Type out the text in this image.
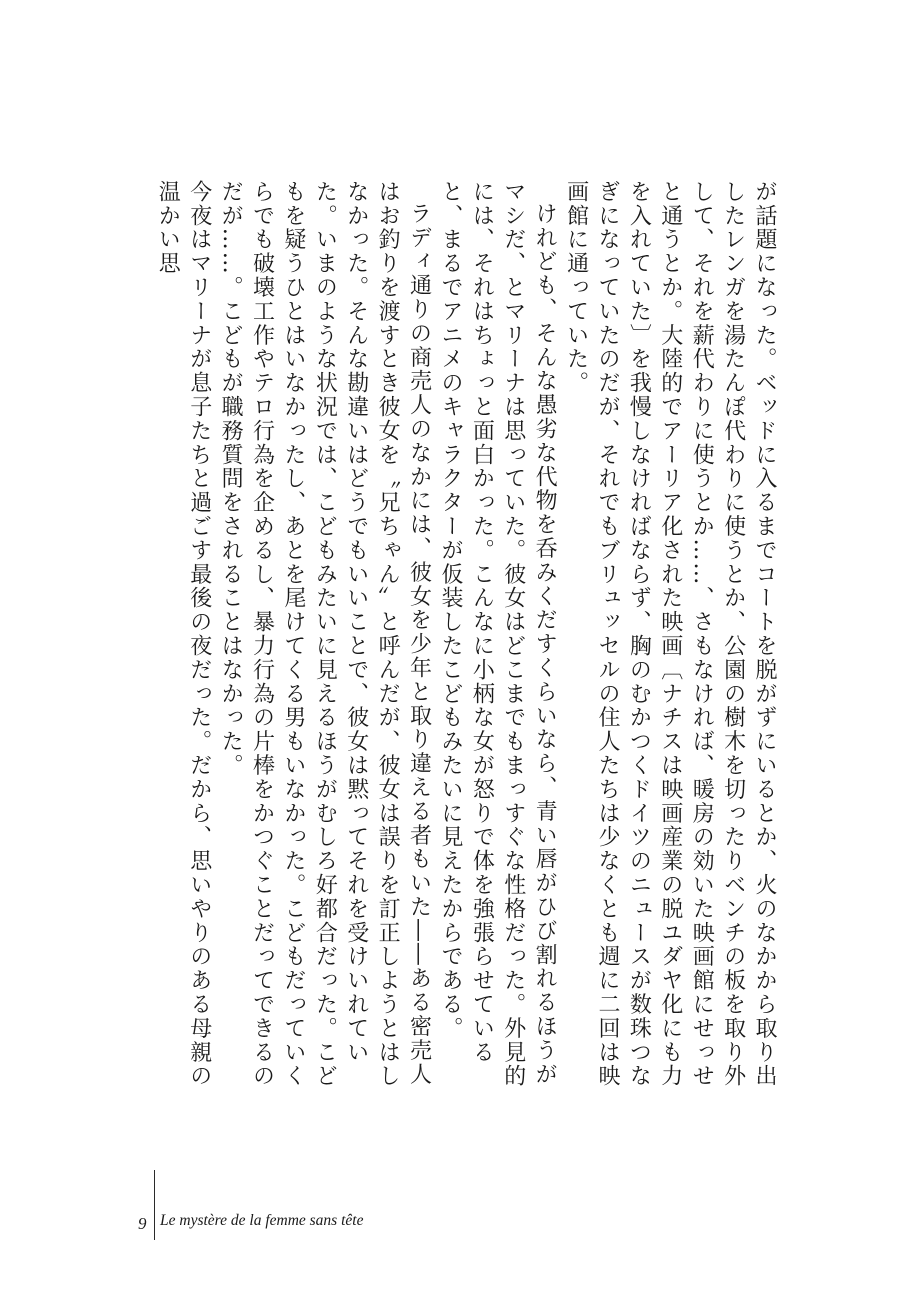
が話題になった。ベッドに入るまでコートを脱がずにいるとか、火のなかから取り出したレンガを湯たんぽ代わりに使うとか、公園の樹木を切ったりベンチの板を取り外して、それを薪代わりに使うとか……、さもなければ、暖房の効いた映画館にせっせと通うとか。大陸的でアーリア化された映画〔ナチスは映画産業の脱ユダヤ化にも力を入れていた〕を我慢しなければならず、胸のむかつくドイツのニュースが数珠つなぎになっていたのだが、それでもブリュッセルの住人たちは少なくとも週に二回は映画館に通っていた。

けれども、そんな愚劣な代物を呑みくだすくらいなら、青い唇がひび割れるほうがマシだ、とマリーナは思っていた。彼女はどこまでもまっすぐな性格だった。外見的には、それはちょっと面白かった。こんなに小柄な女が怒りで体を強張らせていると、まるでアニメのキャラクターが仮装したこどもみたいに見えたからである。

ラディ通りの商売人のなかには、彼女を少年と取り違える者もいた――ある密売人はお釣りを渡すとき彼女を〝兄ちゃん〟と呼んだが、彼女は誤りを訂正しようとはしなかった。そんな勘違いはどうでもいいことで、彼女は黙ってそれを受けいれていた。いまのような状況では、こどもみたいに見えるほうがむしろ好都合だった。こどもを疑うひとはいなかったし、あとを尾けてくる男もいなかった。こどもだっていくらでも破壊工作やテロ行為を企めるし、暴力行為の片棒をかつぐことだってできるのだが……。こどもが職務質問をされることはなかった。

今夜はマリーナが息子たちと過ごす最後の夜だった。だから、思いやりのある母親の温かい思

9 Le mystère de la femme sans tête
